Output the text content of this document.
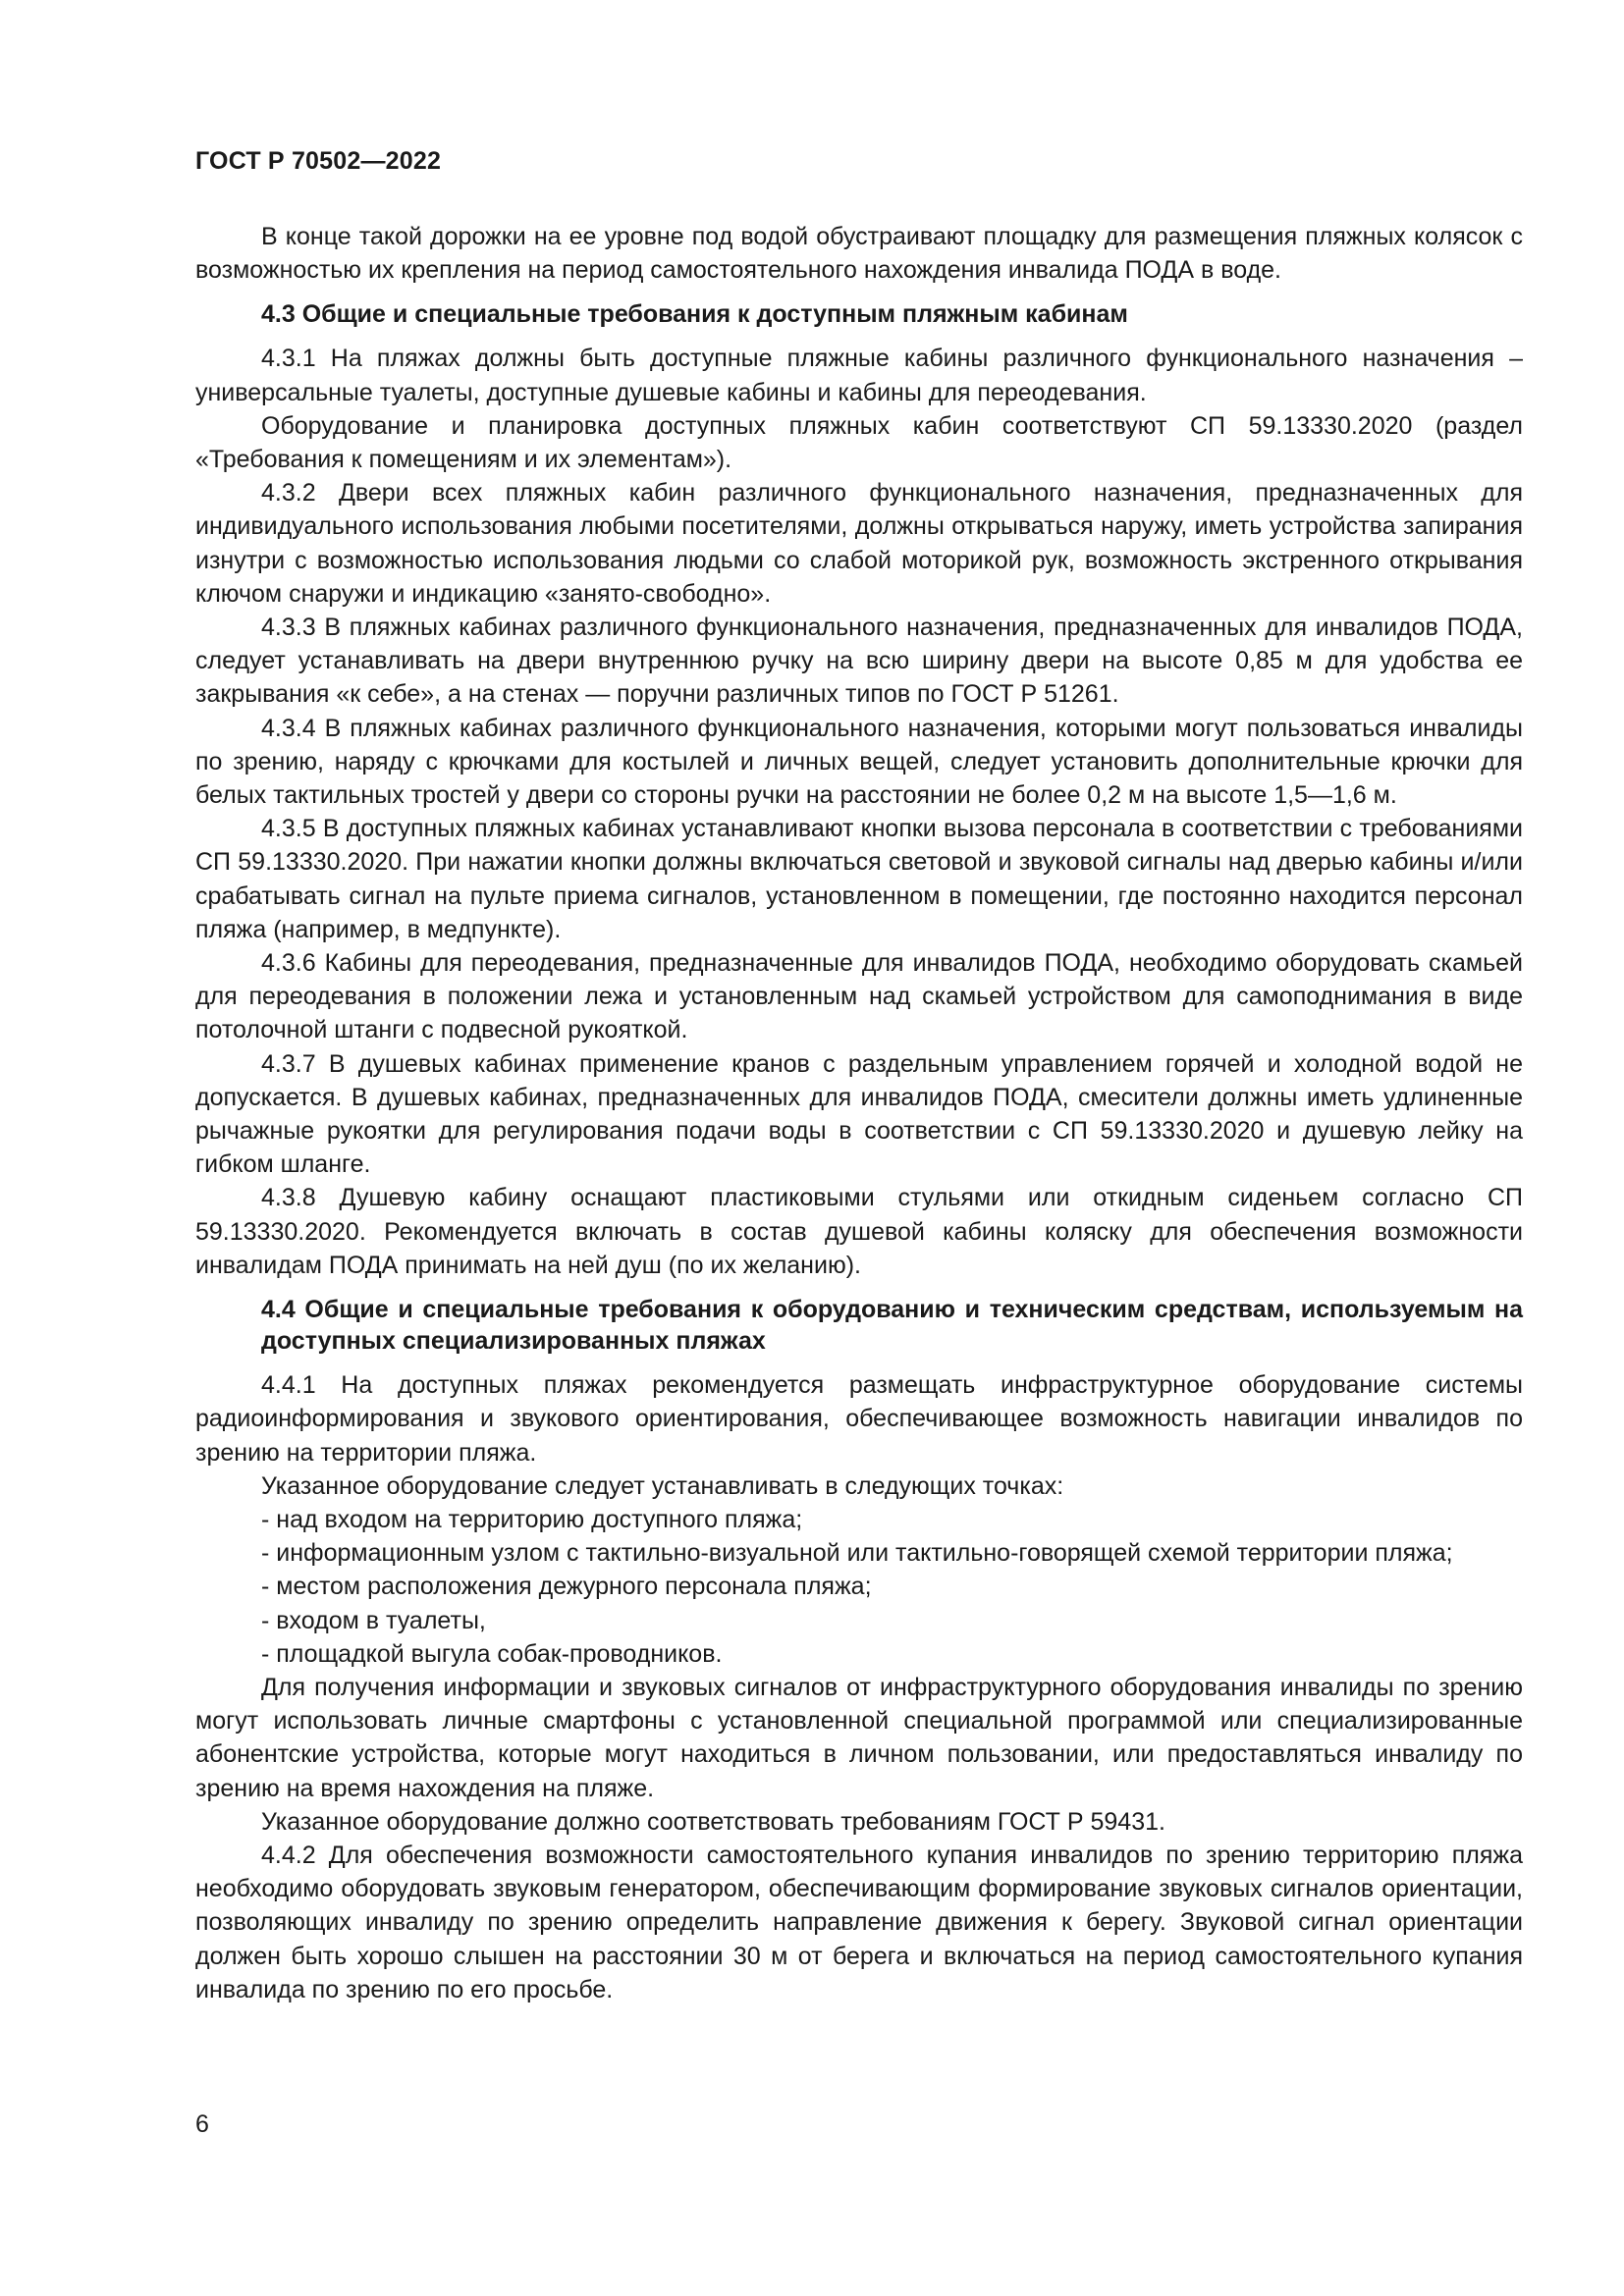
ГОСТ Р 70502—2022

В конце такой дорожки на ее уровне под водой обустраивают площадку для размещения пляжных колясок с возможностью их крепления на период самостоятельного нахождения инвалида ПОДА в воде.

4.3 Общие и специальные требования к доступным пляжным кабинам

4.3.1 На пляжах должны быть доступные пляжные кабины различного функционального назначения – универсальные туалеты, доступные душевые кабины и кабины для переодевания.

Оборудование и планировка доступных пляжных кабин соответствуют СП 59.13330.2020 (раздел «Требования к помещениям и их элементам»).

4.3.2 Двери всех пляжных кабин различного функционального назначения, предназначенных для индивидуального использования любыми посетителями, должны открываться наружу, иметь устройства запирания изнутри с возможностью использования людьми со слабой моторикой рук, возможность экстренного открывания ключом снаружи и индикацию «занято-свободно».

4.3.3 В пляжных кабинах различного функционального назначения, предназначенных для инвалидов ПОДА, следует устанавливать на двери внутреннюю ручку на всю ширину двери на высоте 0,85 м для удобства ее закрывания «к себе», а на стенах — поручни различных типов по ГОСТ Р 51261.

4.3.4 В пляжных кабинах различного функционального назначения, которыми могут пользоваться инвалиды по зрению, наряду с крючками для костылей и личных вещей, следует установить дополнительные крючки для белых тактильных тростей у двери со стороны ручки на расстоянии не более 0,2 м на высоте 1,5—1,6 м.

4.3.5 В доступных пляжных кабинах устанавливают кнопки вызова персонала в соответствии с требованиями СП 59.13330.2020. При нажатии кнопки должны включаться световой и звуковой сигналы над дверью кабины и/или срабатывать сигнал на пульте приема сигналов, установленном в помещении, где постоянно находится персонал пляжа (например, в медпункте).

4.3.6 Кабины для переодевания, предназначенные для инвалидов ПОДА, необходимо оборудовать скамьей для переодевания в положении лежа и установленным над скамьей устройством для самоподнимания в виде потолочной штанги с подвесной рукояткой.

4.3.7 В душевых кабинах применение кранов с раздельным управлением горячей и холодной водой не допускается. В душевых кабинах, предназначенных для инвалидов ПОДА, смесители должны иметь удлиненные рычажные рукоятки для регулирования подачи воды в соответствии с СП 59.13330.2020 и душевую лейку на гибком шланге.

4.3.8 Душевую кабину оснащают пластиковыми стульями или откидным сиденьем согласно СП 59.13330.2020. Рекомендуется включать в состав душевой кабины коляску для обеспечения возможности инвалидам ПОДА принимать на ней душ (по их желанию).

4.4 Общие и специальные требования к оборудованию и техническим средствам, используемым на доступных специализированных пляжах

4.4.1 На доступных пляжах рекомендуется размещать инфраструктурное оборудование системы радиоинформирования и звукового ориентирования, обеспечивающее возможность навигации инвалидов по зрению на территории пляжа.

Указанное оборудование следует устанавливать в следующих точках:

- над входом на территорию доступного пляжа;

- информационным узлом с тактильно-визуальной или тактильно-говорящей схемой территории пляжа;

- местом расположения дежурного персонала пляжа;

- входом в туалеты,

- площадкой выгула собак-проводников.

Для получения информации и звуковых сигналов от инфраструктурного оборудования инвалиды по зрению могут использовать личные смартфоны с установленной специальной программой или специализированные абонентские устройства, которые могут находиться в личном пользовании, или предоставляться инвалиду по зрению на время нахождения на пляже.

Указанное оборудование должно соответствовать требованиям ГОСТ Р 59431.

4.4.2 Для обеспечения возможности самостоятельного купания инвалидов по зрению территорию пляжа необходимо оборудовать звуковым генератором, обеспечивающим формирование звуковых сигналов ориентации, позволяющих инвалиду по зрению определить направление движения к берегу. Звуковой сигнал ориентации должен быть хорошо слышен на расстоянии 30 м от берега и включаться на период самостоятельного купания инвалида по зрению по его просьбе.

6
